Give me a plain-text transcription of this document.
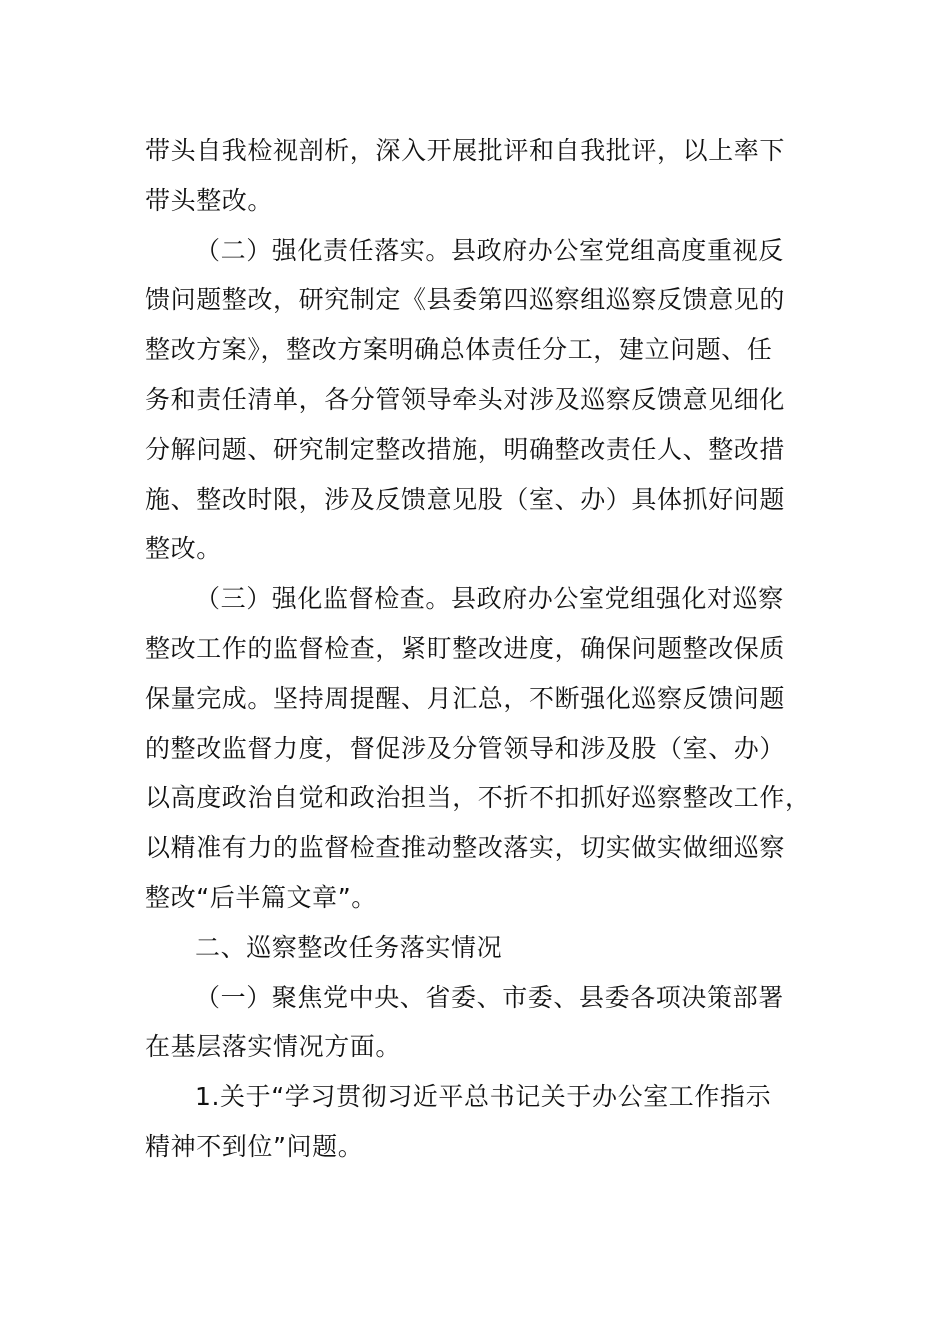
带头自我检视剖析，深入开展批评和自我批评，以上率下
带头整改。
（二）强化责任落实。县政府办公室党组高度重视反
馈问题整改，研究制定《县委第四巡察组巡察反馈意见的
整改方案》，整改方案明确总体责任分工，建立问题、任
务和责任清单，各分管领导牵头对涉及巡察反馈意见细化
分解问题、研究制定整改措施，明确整改责任人、整改措
施、整改时限，涉及反馈意见股（室、办）具体抓好问题
整改。
（三）强化监督检查。县政府办公室党组强化对巡察
整改工作的监督检查，紧盯整改进度，确保问题整改保质
保量完成。坚持周提醒、月汇总，不断强化巡察反馈问题
的整改监督力度，督促涉及分管领导和涉及股（室、办）
以高度政治自觉和政治担当，不折不扣抓好巡察整改工作，
以精准有力的监督检查推动整改落实，切实做实做细巡察
整改“后半篇文章”。
二、巡察整改任务落实情况
（一）聚焦党中央、省委、市委、县委各项决策部署
在基层落实情况方面。
1.关于“学习贯彻习近平总书记关于办公室工作指示
精神不到位”问题。
